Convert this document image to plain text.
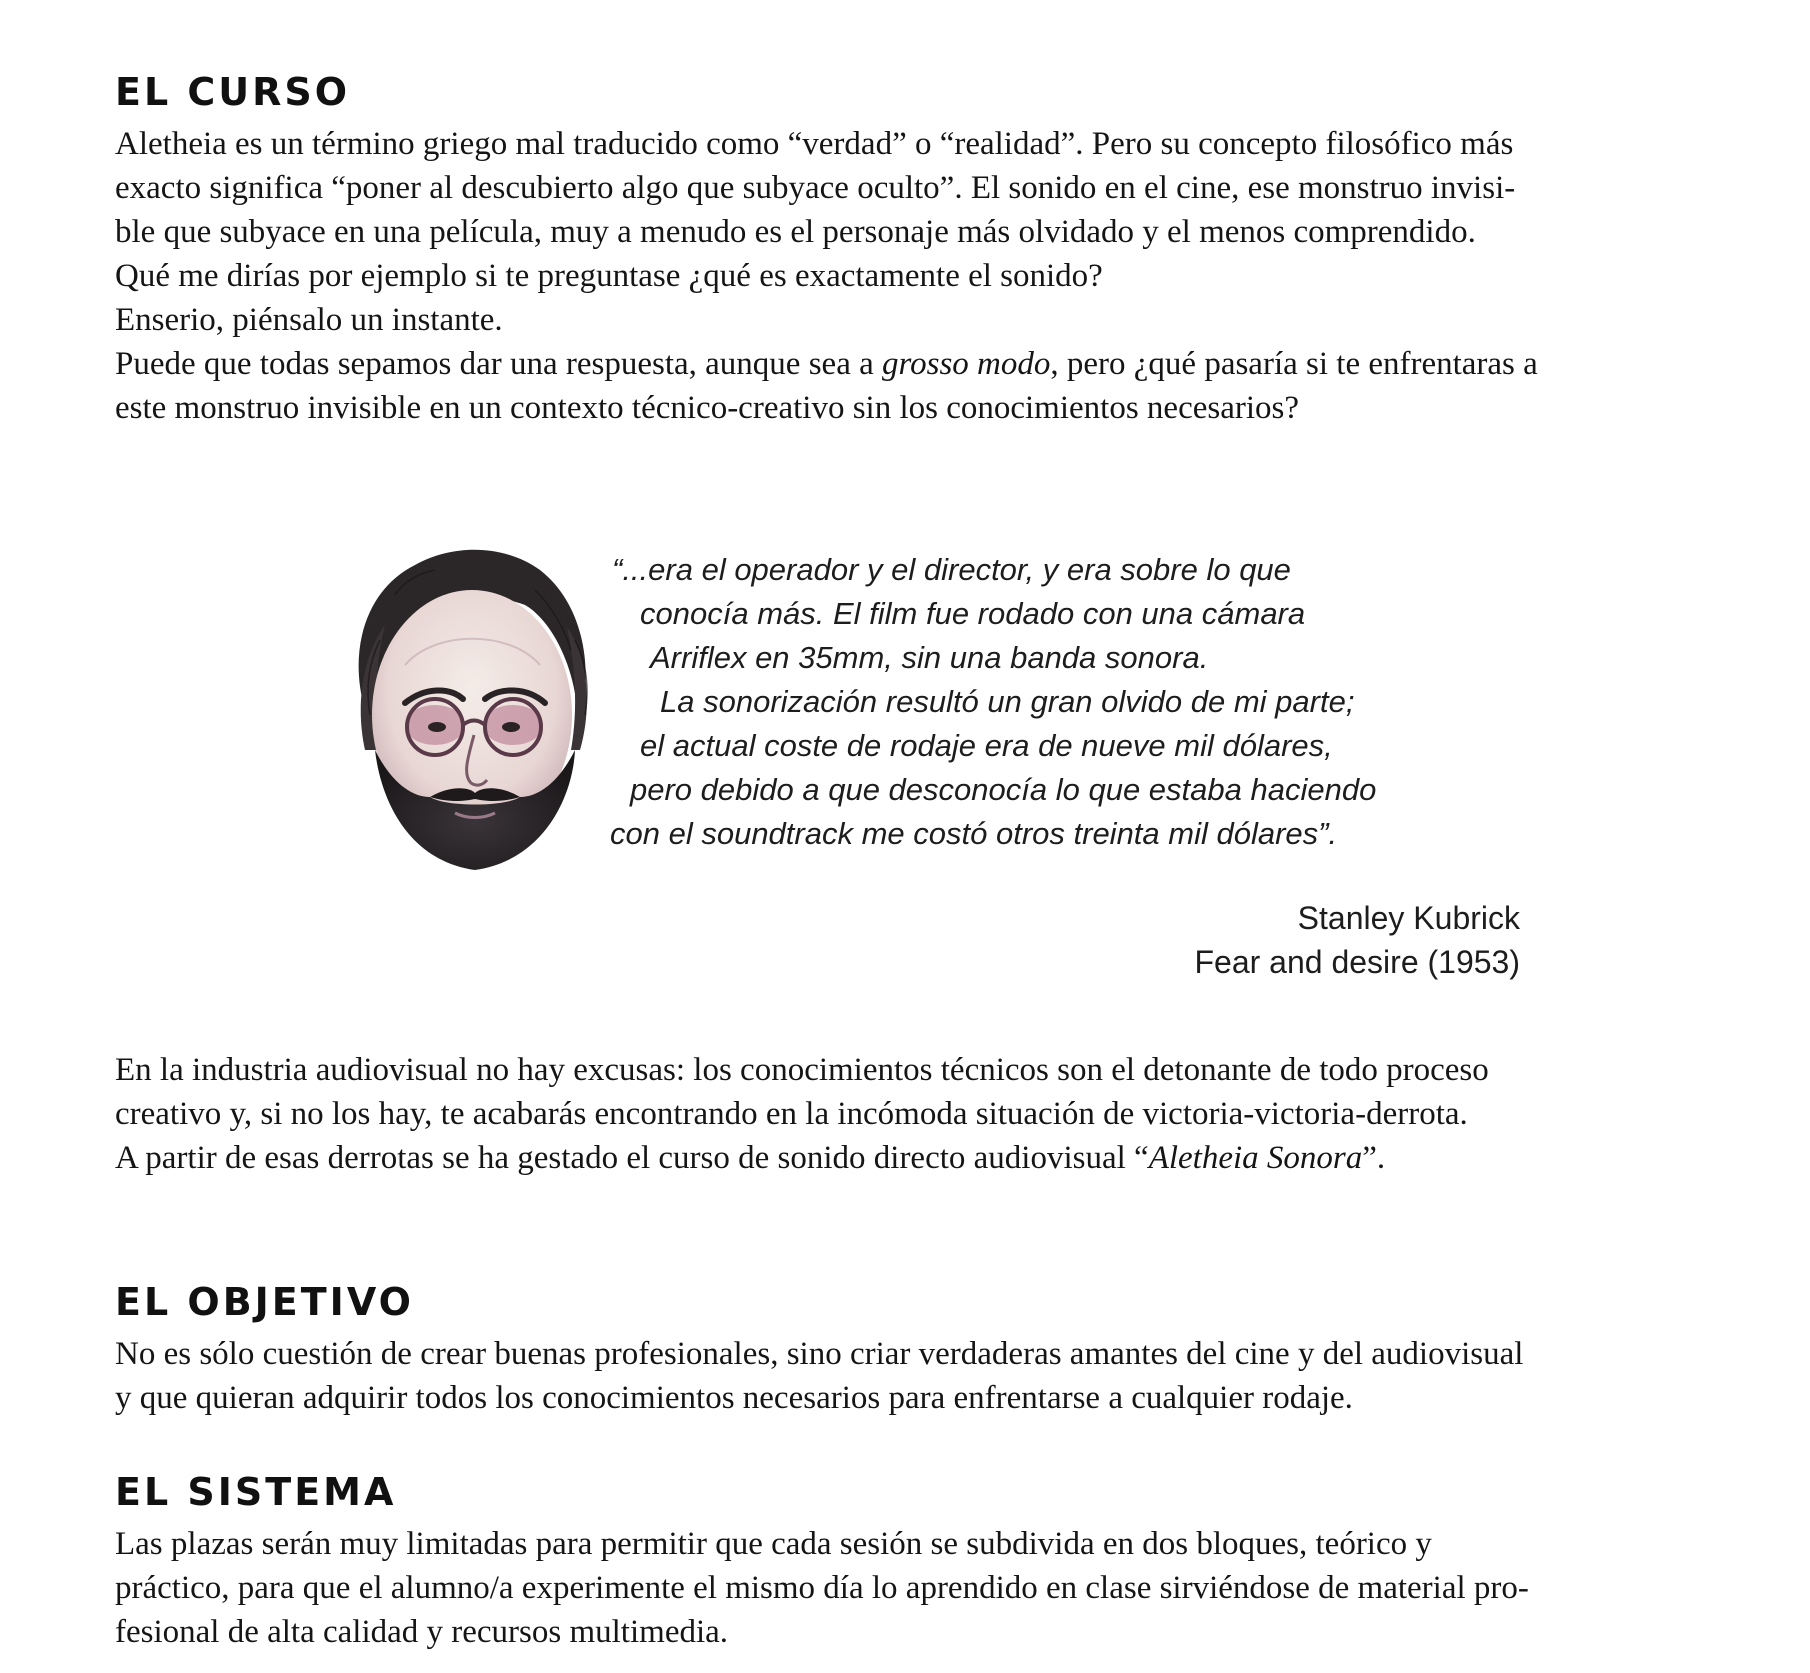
EL CURSO
Aletheia es un término griego mal traducido como “verdad” o “realidad”. Pero su concepto filosófico más
exacto significa “poner al descubierto algo que subyace oculto”. El sonido en el cine, ese monstruo invisi-
ble que subyace en una película, muy a menudo es el personaje más olvidado y el menos comprendido.
Qué me dirías por ejemplo si te preguntase ¿qué es exactamente el sonido?
Enserio, piénsalo un instante.
Puede que todas sepamos dar una respuesta, aunque sea a grosso modo, pero ¿qué pasaría si te enfrentaras a
este monstruo invisible en un contexto técnico-creativo sin los conocimientos necesarios?
“...era el operador y el director, y era sobre lo que
conocía más. El film fue rodado con una cámara
Arriflex en 35mm, sin una banda sonora.
La sonorización resultó un gran olvido de mi parte;
el actual coste de rodaje era de nueve mil dólares,
pero debido a que desconocía lo que estaba haciendo
con el soundtrack me costó otros treinta mil dólares”.
Stanley Kubrick
Fear and desire (1953)
En la industria audiovisual no hay excusas: los conocimientos técnicos son el detonante de todo proceso
creativo y, si no los hay, te acabarás encontrando en la incómoda situación de victoria-victoria-derrota.
A partir de esas derrotas se ha gestado el curso de sonido directo audiovisual “Aletheia Sonora”.
EL OBJETIVO
No es sólo cuestión de crear buenas profesionales, sino criar verdaderas amantes del cine y del audiovisual
y que quieran adquirir todos los conocimientos necesarios para enfrentarse a cualquier rodaje.
EL SISTEMA
Las plazas serán muy limitadas para permitir que cada sesión se subdivida en dos bloques, teórico y
práctico, para que el alumno/a experimente el mismo día lo aprendido en clase sirviéndose de material pro-
fesional de alta calidad y recursos multimedia.
